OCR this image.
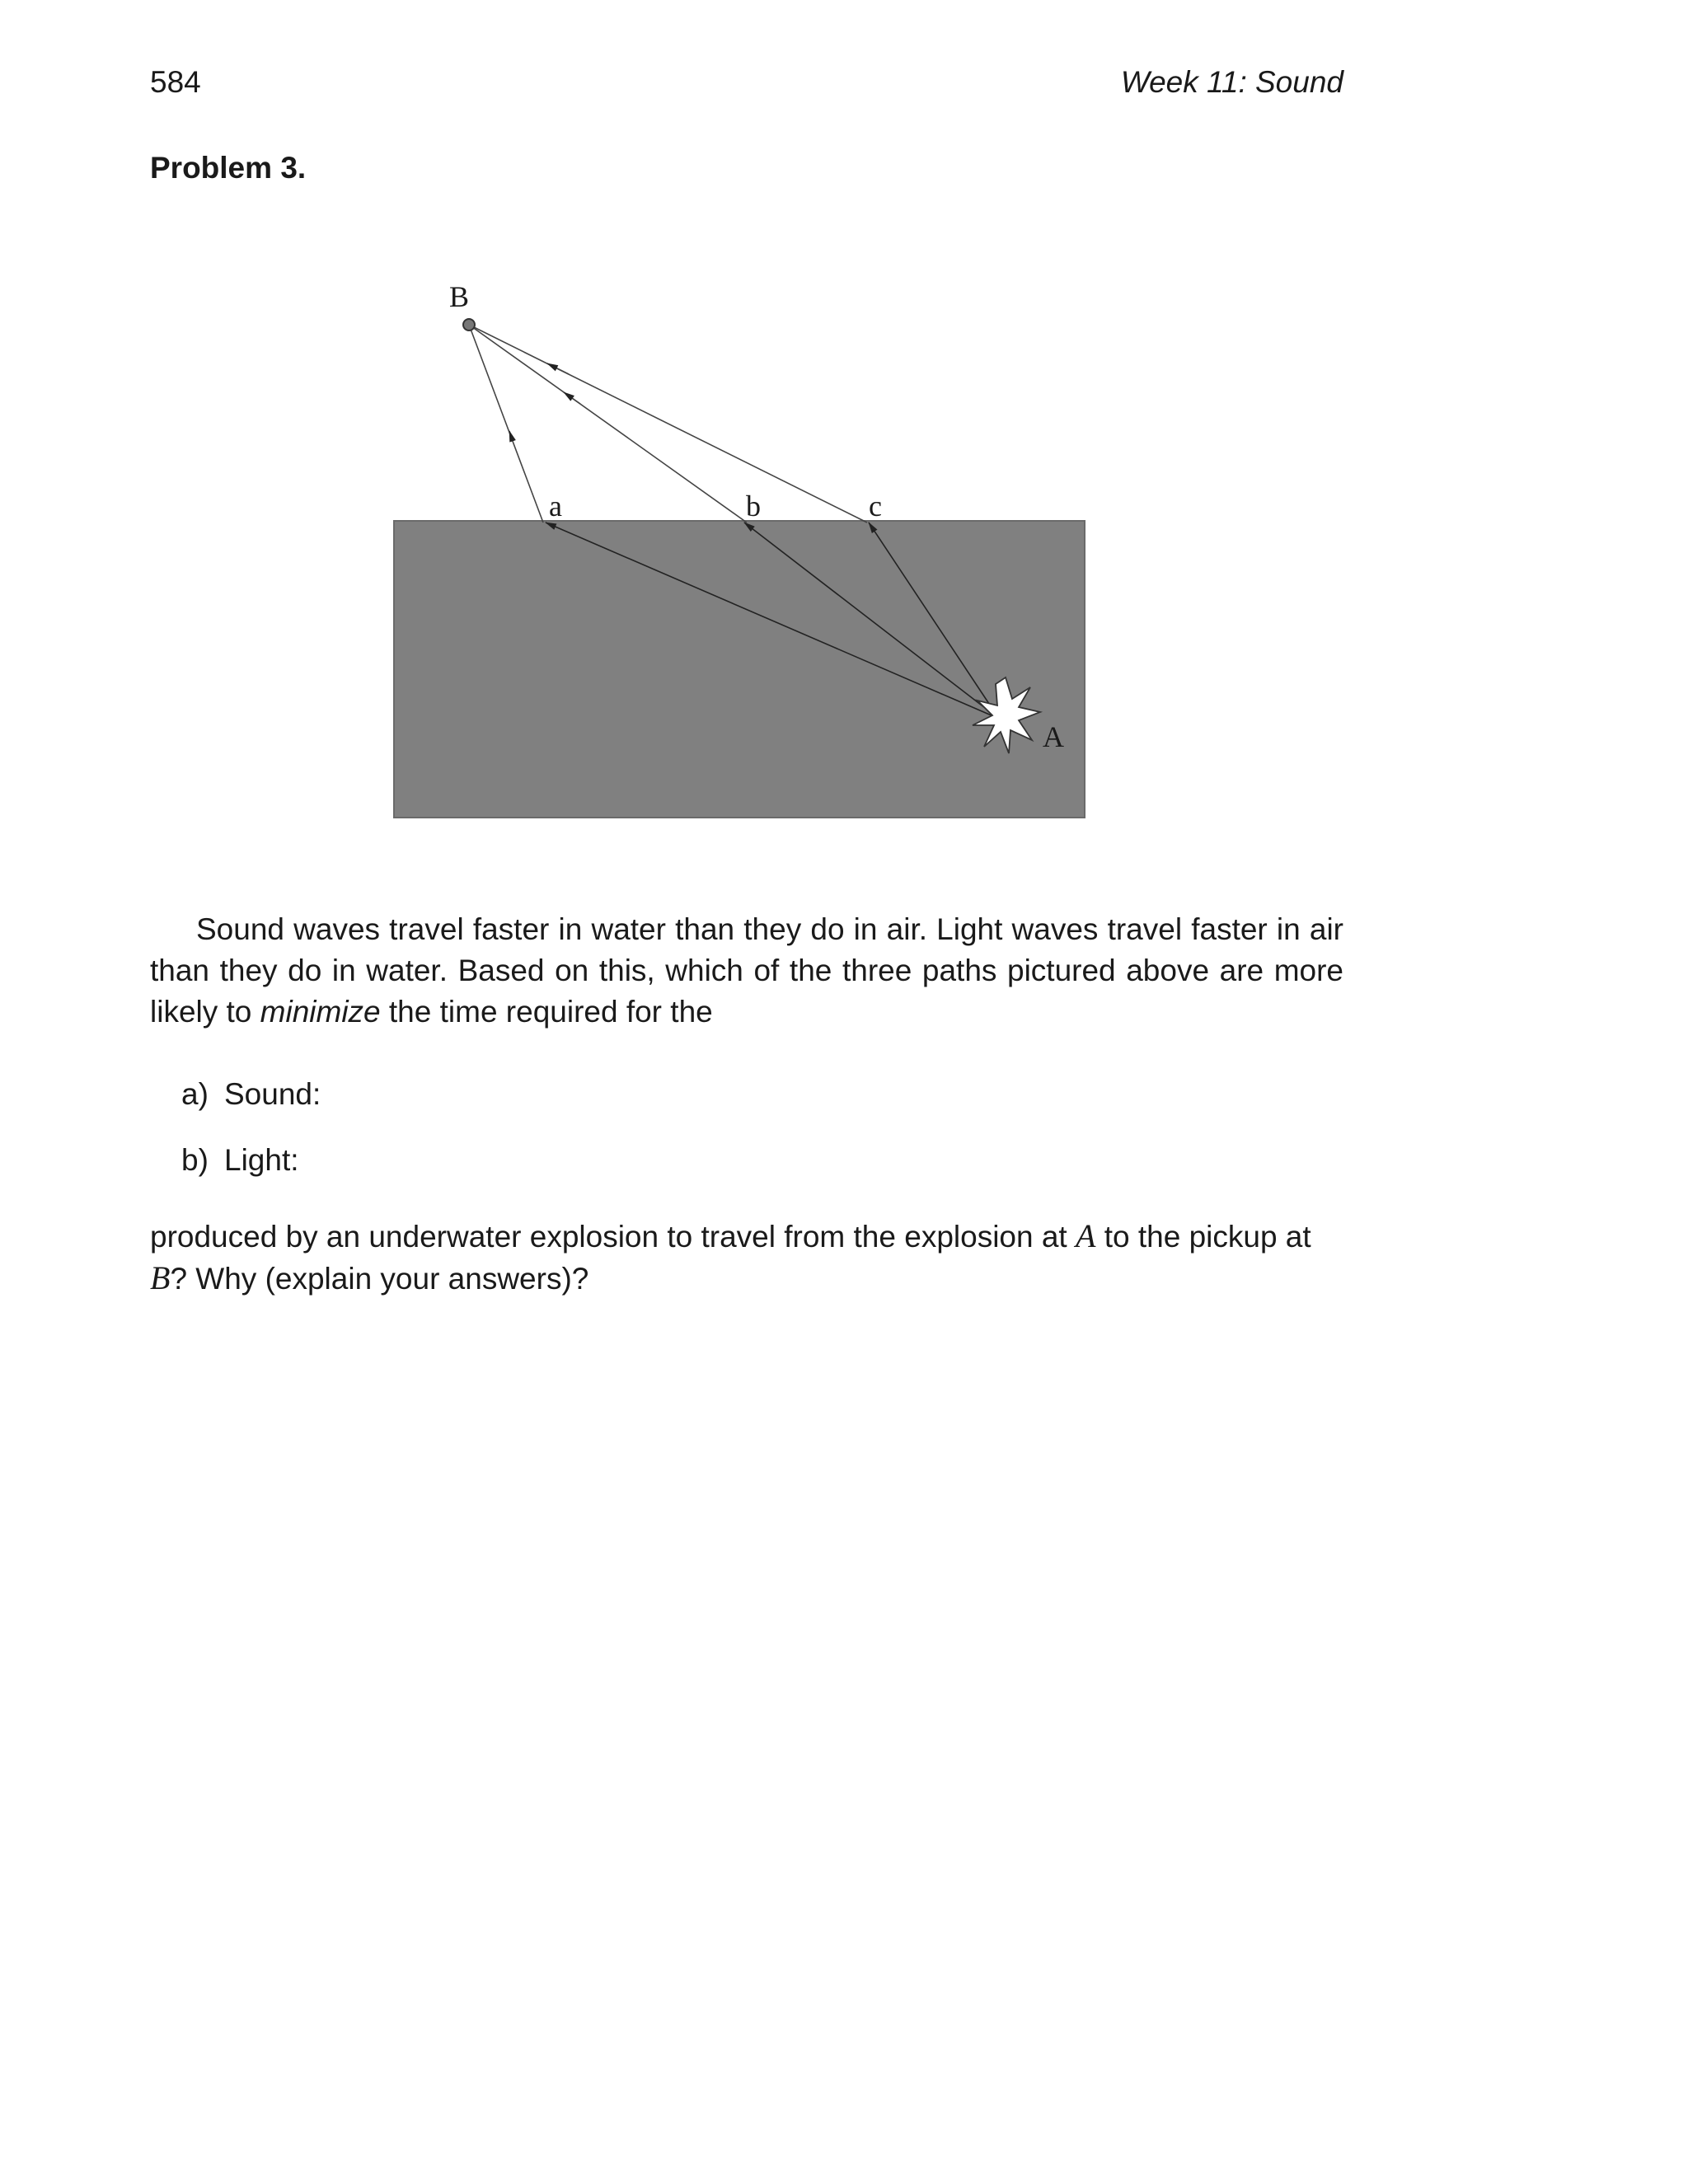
584	Week 11: Sound
Problem 3.
B
A
a	b	c
Sound waves travel faster in water than they do in air. Light waves travel faster in air than they do in water. Based on this, which of the three paths pictured above are more likely to minimize the time required for the
a) Sound:
b) Light:
produced by an underwater explosion to travel from the explosion at A to the pickup at B? Why (explain your answers)?
